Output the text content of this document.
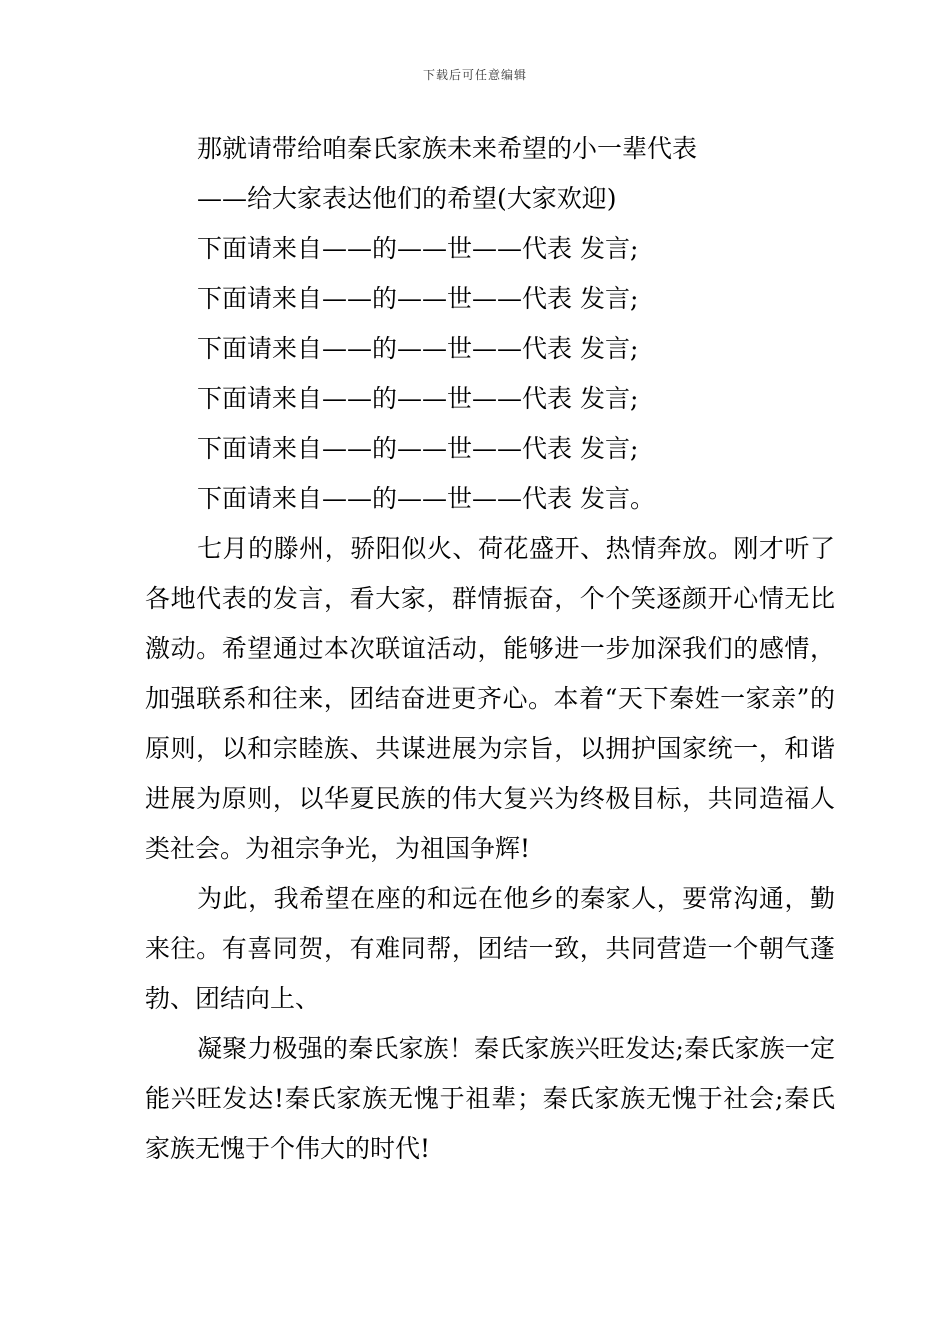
下载后可任意编辑

那就请带给咱秦氏家族未来希望的小一辈代表

——给大家表达他们的希望(大家欢迎)

下面请来自——的——世——代表 发言;

下面请来自——的——世——代表 发言;

下面请来自——的——世——代表 发言;

下面请来自——的——世——代表 发言;

下面请来自——的——世——代表 发言;

下面请来自——的——世——代表 发言。

七月的滕州，骄阳似火、荷花盛开、热情奔放。刚才听了各地代表的发言，看大家，群情振奋，个个笑逐颜开心情无比激动。希望通过本次联谊活动，能够进一步加深我们的感情，加强联系和往来，团结奋进更齐心。本着“天下秦姓一家亲”的原则，以和宗睦族、共谋进展为宗旨，以拥护国家统一，和谐进展为原则，以华夏民族的伟大复兴为终极目标，共同造福人类社会。为祖宗争光，为祖国争辉!

为此，我希望在座的和远在他乡的秦家人，要常沟通，勤来往。有喜同贺，有难同帮，团结一致，共同营造一个朝气蓬勃、团结向上、

凝聚力极强的秦氏家族！秦氏家族兴旺发达;秦氏家族一定能兴旺发达!秦氏家族无愧于祖辈；秦氏家族无愧于社会;秦氏家族无愧于个伟大的时代!
